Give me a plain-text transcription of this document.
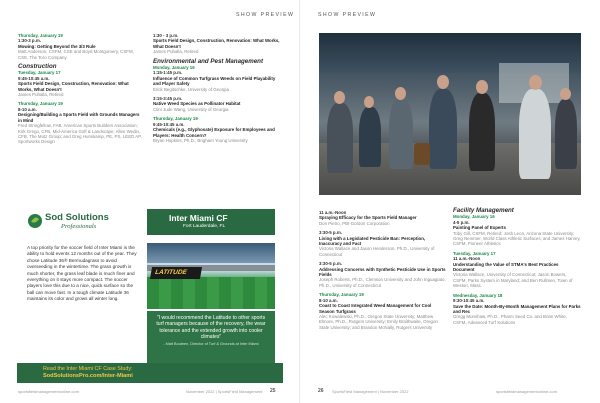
SHOW PREVIEW
Thursday, January 19
1:30-3 p.m.
Mowing: Getting Beyond the 3/3 Rule
Matt Anderson, CSFM, CSE and Boyd Montgomery, CSFM, CSE, The Toro Company
Construction
Tuesday, January 17
9:45-10:45 a.m.
Sports Field Design, Construction, Renovation: What Works, What Doesn't
James Puhalla, Retired
Thursday, January 19
8-10 a.m.
Designing/Building a Sports Field with Grounds Managers in Mind
Fred Stringfellow, FAB, American Sports Builders Association; Kirk Grego, CFB, Mid-America Golf & Landscape; Allen Wedin, CFB, The Motz Group; and Greg Hunskamp, PE, PS, LEED AP, Sportworks Design
1:30 - 3 p.m.
Sports Field Design, Construction, Renovation: What Works, What Doesn't
James Puhalla, Retired
Environmental and Pest Management
Monday, January 16
1:15-1:45 p.m.
Influence of Common Turfgrass Weeds on Field Playability and Player Safety
Erick Begitschke, University of Georgia
3:15-3:45 p.m.
Native Weed Species as Pollinator Habitat
Clint Jude Wang, University of Georgia
Thursday, January 19
9:45-10:45 a.m.
Chemicals (e.g., Glyphosate) Exposure for Employees and Players: Health Concern?
Bryan Hopkins, Ph.D., Brigham Young University
Sod Solutions
Professionals
Inter Miami CF
Fort Lauderdale, FL
A top priority for the soccer field of Inter Miami is the ability to hold events 12 months out of the year. They chose Latitude 36® Bermudagrass to avoid overseeding in the wintertime. The grass growth is much shorter, the grass leaf blade is much finer and everything on it stays more compact. The soccer players love this due to a nice, quick surface so the ball can move fast. In a tough climate Latitude 36 maintains its color and grows all winter long.
LATITUDE
"I would recommend the Latitude to other sports turf managers because of the recovery, the wear tolerance and the extended growth into cooler climates"
- Matt Bouteen, Director of Turf & Grounds at Inter Miami
Read the Inter Miami CF Case Study:
SodSolutionsPro.com/Inter-Miami
sportsfieldmanagementonline.com	November 2022 | SportsField Management 25
SHOW PREVIEW
11 a.m.-Noon
Spraying Efficacy for the Sports Field Manager
Don Pietro, PBI-Gordon Corporation
3:30-5 p.m.
Living with a Legislated Pesticide Ban: Perception, Inaccuracy and Fact
Victoria Wallace and Jason Henderson, Ph.D., University of Connecticut
3:30-5 p.m.
Addressing Concerns with Synthetic Pesticide Use in Sports Fields
Joseph Roberts, Ph.D., Clemson University and John Inguagiato, Ph.D., University of Connecticut
Thursday, January 19
8-10 a.m.
Coast to Coast Integrated Weed Management for Cool Season Turfgrass
Alec Kowalewski, Ph.D., Oregon State University; Matthew Elmore, Ph.D., Rutgers University; Emily Braithwaite, Oregon State University; and Brandon McNally, Rutgers University
Facility Management
Monday, January 16
4-5 p.m.
Painting Panel of Experts
Toby Gill, CSFM, Retired; Josh Leon, Arizona State University; Greg Nemmer, World Class Athletic Surfaces; and James Harvey, CSFM, Pioneer Athletics
Tuesday, January 17
11 a.m.-Noon
Understanding the Value of STMA's Best Practices Document
Victoria Wallace, University of Connecticut; Jason Bowers, CSFM, Parks System in Maryland; and Ben Rullmen, Town of Weston, Mass.
Wednesday, January 18
9:30-10:45 a.m.
Save the Date: Month-By-Month Management Plans for Parks and Rec
Gregg Munshaw, Ph.D., Pharm Seed Co. and Brian White, CSFM, Advanced Turf Solutions
26 SportsField Management | November 2022	sportsfieldmanagementonline.com
